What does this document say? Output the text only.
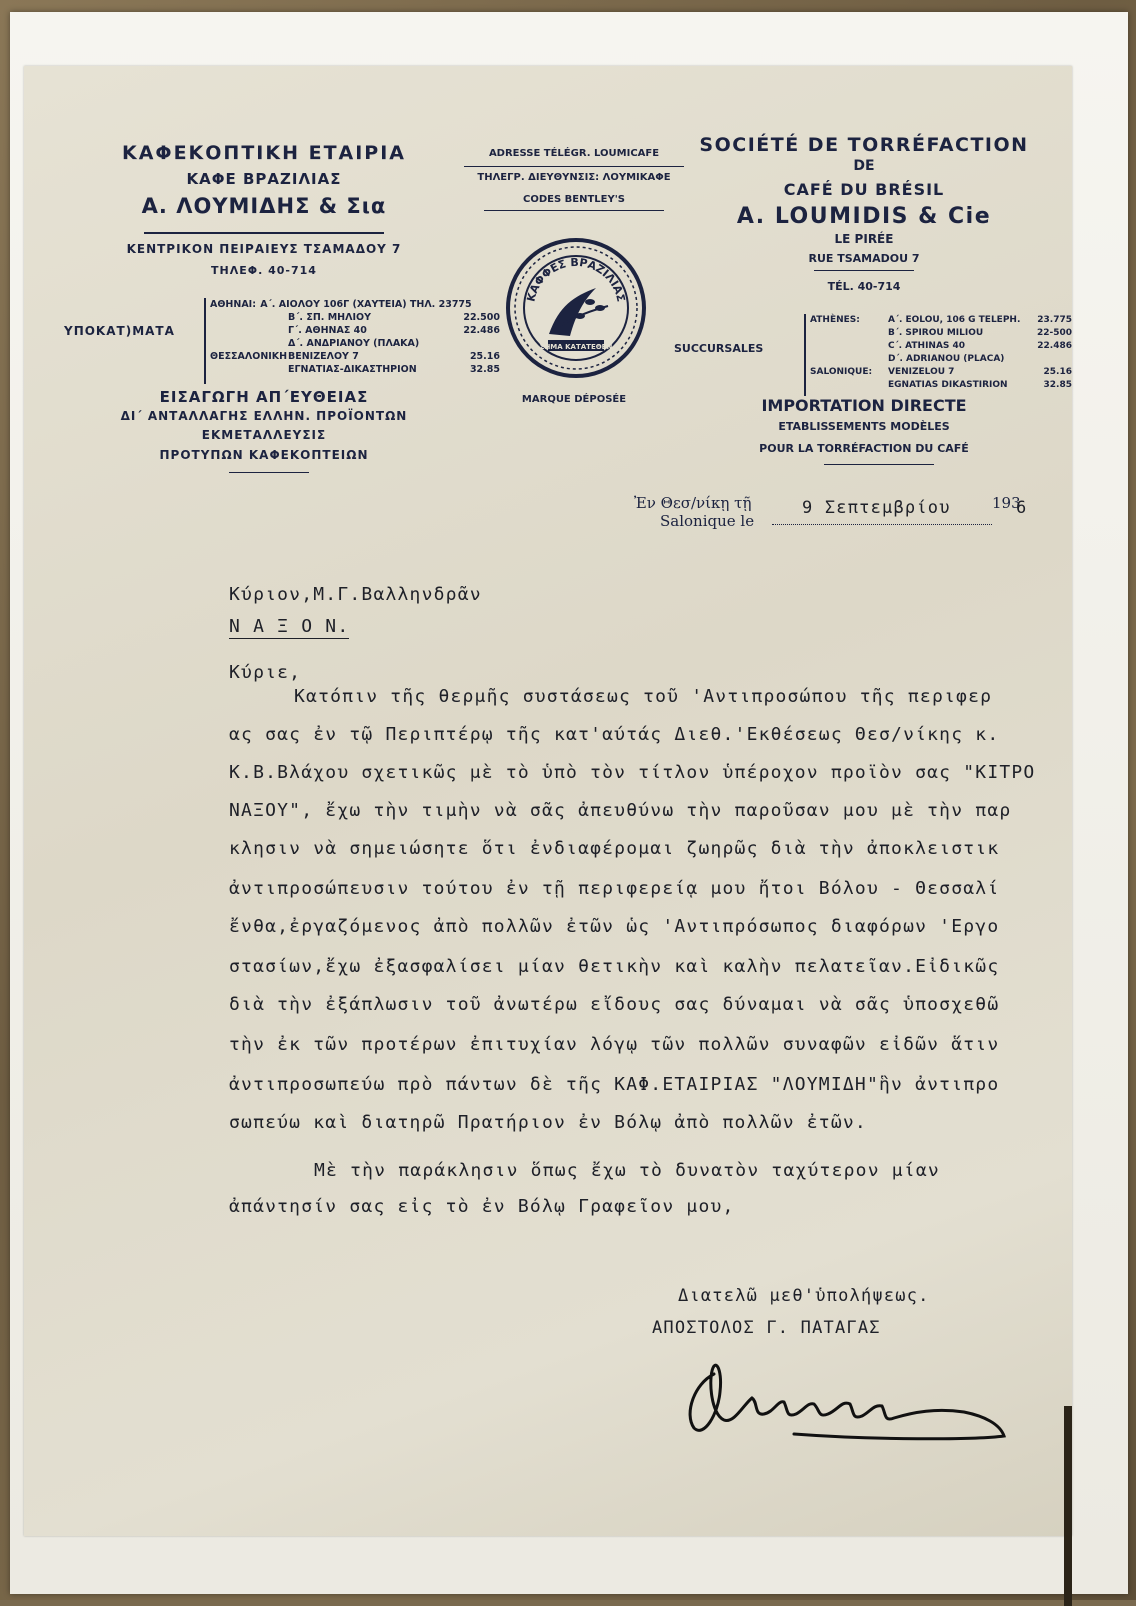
ΚΑΦΕΚΟΠΤΙΚΗ ΕΤΑΙΡΙΑ
ΚΑΦΕ ΒΡΑΖΙΛΙΑΣ
Α. ΛΟΥΜΙΔΗΣ & Σια
ΚΕΝΤΡΙΚΟΝ ΠΕΙΡΑΙΕΥΣ ΤΣΑΜΑΔΟΥ 7
ΤΗΛΕΦ. 40-714
ΥΠΟΚΑΤ)ΜΑΤΑ
ΑΘΗΝΑΙ: Α΄. ΑΙΟΛΟΥ 106Γ (ΧΑΥΤΕΙΑ) ΤΗΛ. 23775
Β΄. ΣΠ. ΜΗΛΙΟΥ	22.500
Γ΄. ΑΘΗΝΑΣ 40	22.486
Δ΄. ΑΝΔΡΙΑΝΟΥ (ΠΛΑΚΑ)
ΘΕΣΣΑΛΟΝΙΚΗ ΒΕΝΙΖΕΛΟΥ 7	25.16
ΕΓΝΑΤΙΑΣ-ΔΙΚΑΣΤΗΡΙΟΝ	32.85
ΕΙΣΑΓΩΓΗ ΑΠ΄ΕΥΘΕΙΑΣ
ΔΙ΄ ΑΝΤΑΛΛΑΓΗΣ ΕΛΛΗΝ. ΠΡΟΪΟΝΤΩΝ
ΕΚΜΕΤΑΛΛΕΥΣΙΣ
ΠΡΟΤΥΠΩΝ ΚΑΦΕΚΟΠΤΕΙΩΝ
ADRESSE TÉLÉGR. LOUMICAFE
ΤΗΛΕΓΡ. ΔΙΕΥΘΥΝΣΙΣ: ΛΟΥΜΙΚΑΦΕ
CODES BENTLEY'S
ΚΑΦΦΕΣ ΒΡΑΖΙΛΙΑΣ
ΣΗΜΑ ΚΑΤΑΤΕΘΕΝ
MARQUE DÉPOSÉE
SOCIÉTÉ DE TORRÉFACTION
DE
CAFÉ DU BRÉSIL
A. LOUMIDIS & Cie
LE PIRÉE
RUE TSAMADOU 7
TÉL. 40-714
SUCCURSALES
ATHÈNES:	A΄. EOLOU, 106 G TELEPH.	23.775
B΄. SPIROU MILIOU	22-500
C΄. ATHINAS 40	22.486
D΄. ADRIANOU (PLACA)
SALONIQUE:	VENIZELOU 7	25.16
EGNATIAS DIKASTIRION	32.85
IMPORTATION DIRECTE
ETABLISSEMENTS MODÈLES
POUR LA TORRÉFACTION DU CAFÉ
Ἐν Θεσ/νίκῃ τῇ
Salonique le
9 Σεπτεμβρίου	193
6
Κύριον,Μ.Γ.Βαλληνδρᾶν
Ν Α Ξ Ο Ν.
Κύριε,
Κατόπιν τῆς θερμῆς συστάσεως τοῦ 'Αντιπροσώπου τῆς περιφερ
ας σας ἐν τῷ Περιπτέρῳ τῆς κατ'αύτάς Διεθ.'Εκθέσεως Θεσ/νίκης κ.
Κ.Β.Βλάχου σχετικῶς μὲ τὸ ὑπὸ τὸν τίτλον ὑπέροχον προϊὸν σας "ΚΙΤΡΟ
ΝΑΞΟΥ", ἔχω τὴν τιμὴν νὰ σᾶς ἀπευθύνω τὴν παροῦσαν μου μὲ τὴν παρ
κλησιν νὰ σημειώσητε ὅτι ἐνδιαφέρομαι ζωηρῶς διὰ τὴν ἀποκλειστικ
ἀντιπροσώπευσιν τούτου ἐν τῇ περιφερείᾳ μου ἤτοι Βόλου - Θεσσαλί
ἔνθα,ἐργαζόμενος ἀπὸ πολλῶν ἐτῶν ὡς 'Αντιπρόσωπος διαφόρων 'Εργο
στασίων,ἔχω ἐξασφαλίσει μίαν θετικὴν καὶ καλὴν πελατεῖαν.Εἰδικῶς
διὰ τὴν ἐξάπλωσιν τοῦ ἀνωτέρω εἴδους σας δύναμαι νὰ σᾶς ὑποσχεθῶ
τὴν ἐκ τῶν προτέρων ἐπιτυχίαν λόγῳ τῶν πολλῶν συναφῶν εἰδῶν ἅτιν
ἀντιπροσωπεύω πρὸ πάντων δὲ τῆς ΚΑΦ.ΕΤΑΙΡΙΑΣ "ΛΟΥΜΙΔΗ"ἣν ἀντιπρο
σωπεύω καὶ διατηρῶ Πρατήριον ἐν Βόλῳ ἀπὸ πολλῶν ἐτῶν.
Μὲ τὴν παράκλησιν ὅπως ἔχω τὸ δυνατὸν ταχύτερον μίαν
ἀπάντησίν σας εἰς τὸ ἐν Βόλῳ Γραφεῖον μου,
Διατελῶ μεθ'ὑπολήψεως.
ΑΠΟΣΤΟΛΟΣ Γ. ΠΑΤΑΓΑΣ
